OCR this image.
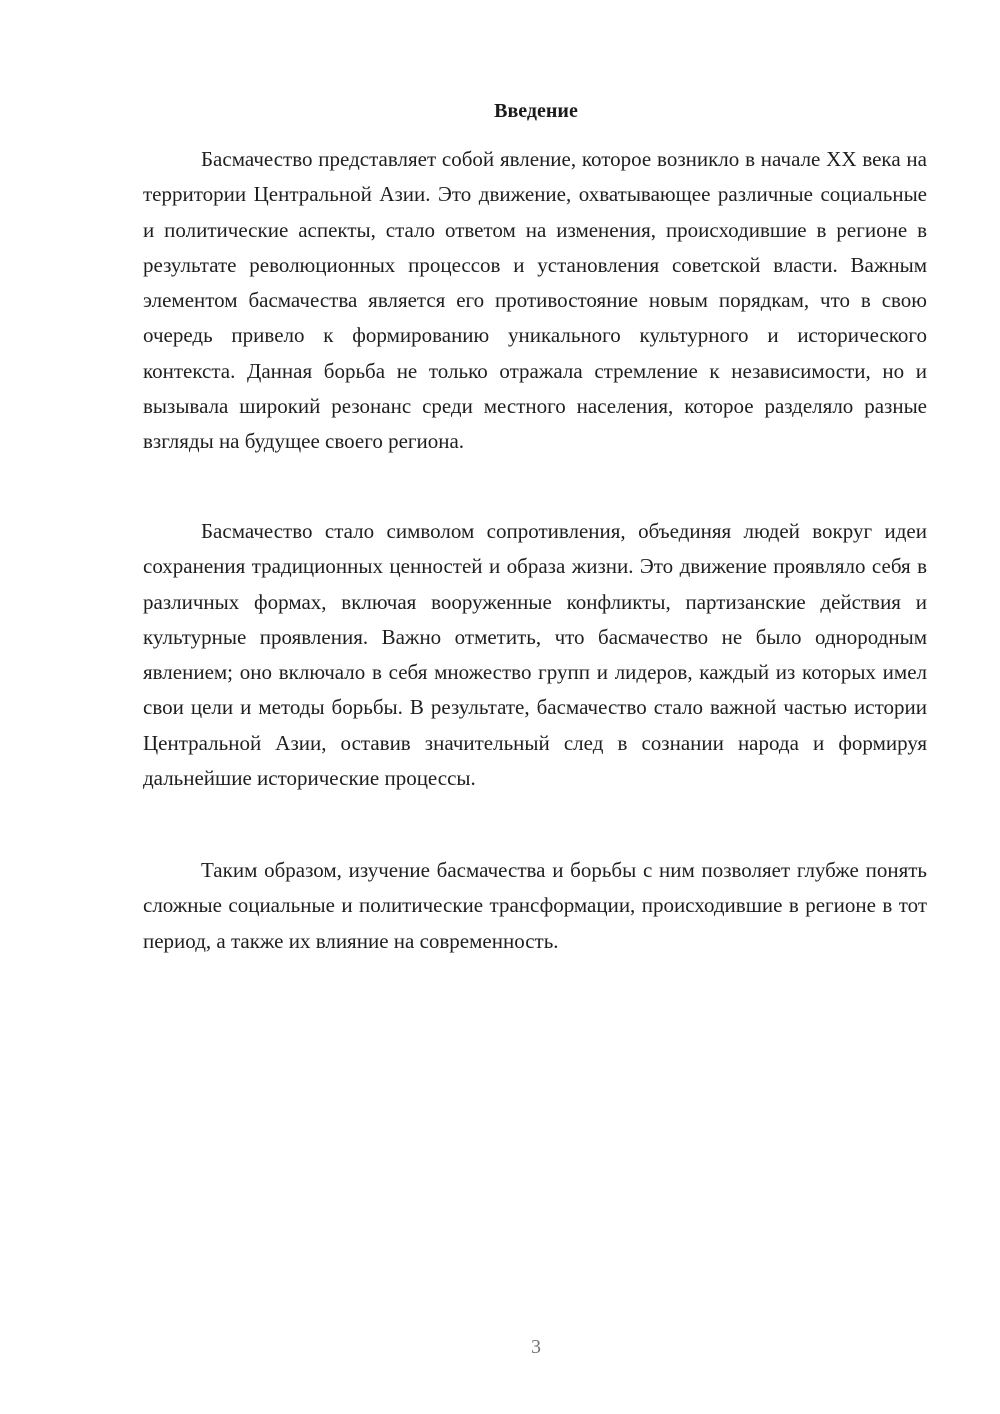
Введение

Басмачество представляет собой явление, которое возникло в начале XX века на территории Центральной Азии. Это движение, охватывающее различные социальные и политические аспекты, стало ответом на изменения, происходившие в регионе в результате революционных процессов и установления советской власти. Важным элементом басмачества является его противостояние новым порядкам, что в свою очередь привело к формированию уникального культурного и исторического контекста. Данная борьба не только отражала стремление к независимости, но и вызывала широкий резонанс среди местного населения, которое разделяло разные взгляды на будущее своего региона.

Басмачество стало символом сопротивления, объединяя людей вокруг идеи сохранения традиционных ценностей и образа жизни. Это движение проявляло себя в различных формах, включая вооруженные конфликты, партизанские действия и культурные проявления. Важно отметить, что басмачество не было однородным явлением; оно включало в себя множество групп и лидеров, каждый из которых имел свои цели и методы борьбы. В результате, басмачество стало важной частью истории Центральной Азии, оставив значительный след в сознании народа и формируя дальнейшие исторические процессы.

Таким образом, изучение басмачества и борьбы с ним позволяет глубже понять сложные социальные и политические трансформации, происходившие в регионе в тот период, а также их влияние на современность.

3
